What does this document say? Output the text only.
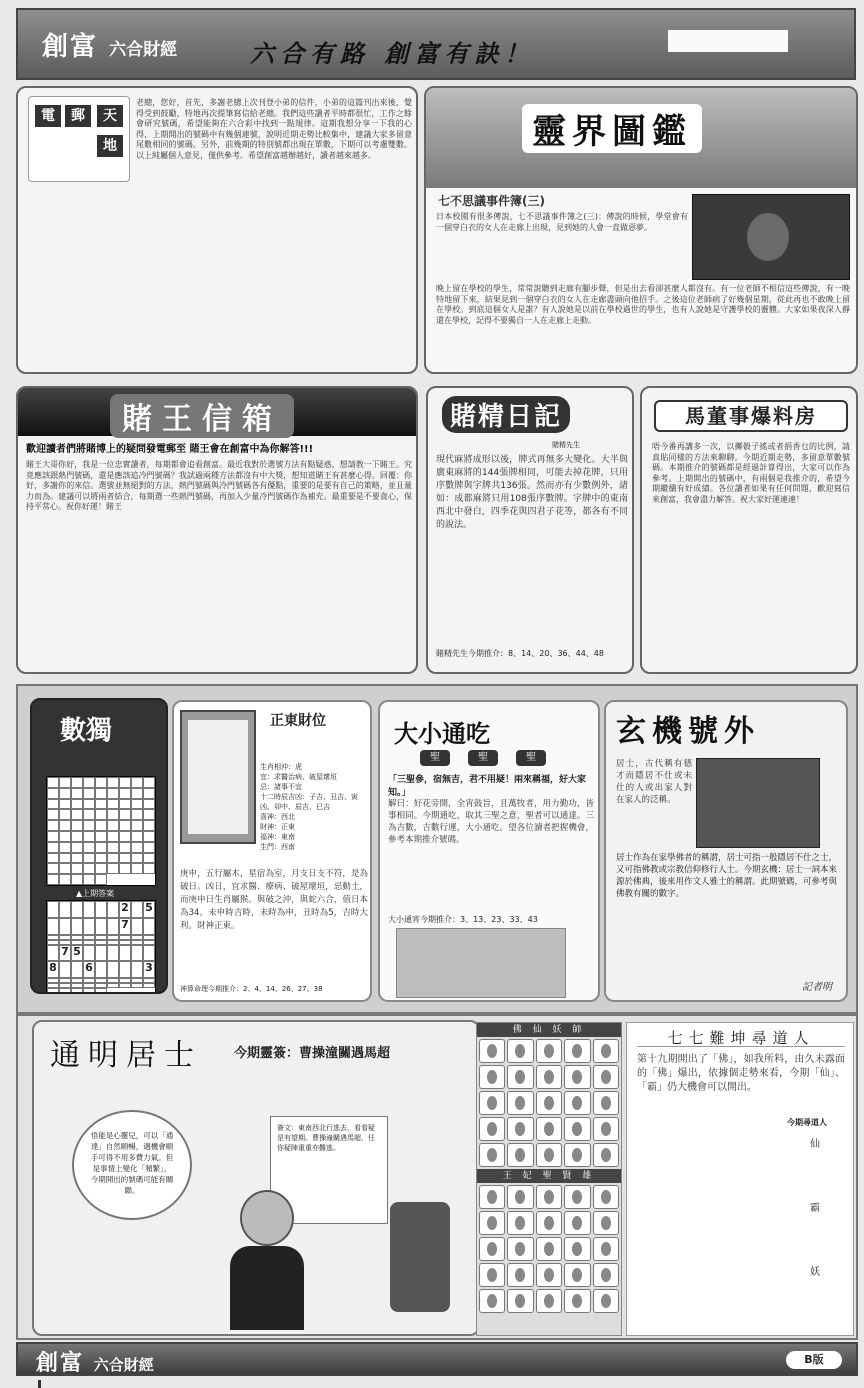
創富 六合財經	六合有路 創富有訣！
電	郵	天
地
老總，您好，首先，多謝老總上次刊登小弟的信件，小弟的這篇刊出來後，覺得受到鼓勵，特地再次提筆寫信給老總。我們這些讀者平時都很忙，工作之餘會研究號碼，希望能夠在六合彩中找到一點規律。這期我想分享一下我的心得，上期開出的號碼中有幾個連號，說明近期走勢比較集中，建議大家多留意尾數相同的號碼。另外，前幾期的特別號都出現在單數，下期可以考慮雙數。以上純屬個人意見，僅供參考。希望創富越辦越好，讀者越來越多。
靈界圖鑑
七不思議事件簿(三)
日本校園有很多傳說，七不思議事件簿之(三)：傳說的時候，學堂會有一個穿白衣的女人在走廊上出現，見到她的人會一直做惡夢。
晚上留在學校的學生，常常說聽到走廊有腳步聲，但是出去看卻甚麼人都沒有。有一位老師不相信這些傳說，有一晚特地留下來，結果見到一個穿白衣的女人在走廊盡頭向他招手。之後這位老師病了好幾個星期，從此再也不敢晚上留在學校。到底這個女人是誰？有人說她是以前在學校過世的學生，也有人說她是守護學校的靈體。大家如果夜深人靜還在學校，記得不要獨自一人在走廊上走動。
賭王信箱
歡迎讀者們將賭博上的疑問發電郵至 賭王會在創富中為你解答!!!
賭王大哥你好，我是一位忠實讀者，每期都會追看創富。最近我對於選號方法有點疑惑，想請教一下賭王。究竟應該跟熱門號碼，還是應該追冷門號碼？我試過兩種方法都沒有中大獎，想知道賭王有甚麼心得。回覆：你好，多謝你的來信。選號並無絕對的方法，熱門號碼與冷門號碼各有優點，重要的是要有自己的策略，並且量力而為。建議可以將兩者結合，每期選一些熱門號碼，再加入少量冷門號碼作為補充。最重要是不要貪心，保持平常心。祝你好運！賭王
賭精日記
賭精先生
現代麻將成形以後，牌式再無多大變化。大半與廣東麻將的144張牌相同，可能去掉花牌，只用序數牌與字牌共136張。然而亦有少數例外，諸如：成都麻將只用108張序數牌。字牌中的東南西北中發白，四季花與四君子花等，都各有不同的說法。
賭精先生今期推介：8、14、20、36、44、48
馬董事爆料房
唔今番再講多一次，以擲骰子搖或者捐香乜的比例，請真貼同樣的方法來聊聊。今期近期走勢，多留意單數號碼。本期推介的號碼都是經過計算得出，大家可以作為參考。上期開出的號碼中，有兩個是我推介的，希望今期繼續有好成績。各位讀者如果有任何問題，歡迎寫信來創富，我會盡力解答。祝大家好運連連！
數獨
▲上期答案
2 5
7
7 5
8	6	3
正東財位
生肖相沖：虎
宜：求醫治病、破屋壞垣
忌：諸事不宜
十二時辰吉凶：子吉、丑吉、寅凶、卯中、辰吉、巳吉
喜神：西北
財神：正東
福神：東南
生門：西南
庚申，五行屬木，星宿為室，月支日支不符，是為破日。凶日，宜求醫、療病、破屋壞垣，忌動土，而庚申日生肖屬猴。與破之沖，與蛇六合，值日本為34。未申時吉時，未時為申，丑時為5，吉時大利。財神正東。
神算命理今期推介：2、4、14、26、27、38
大小通吃
聖	聖	聖
「三聖參，宿無吉，君不用疑！兩來稱福，好大家知。」
解曰：好花旁開，全宵鼓旨，且萬牧者，用力勤功，皆事相同。今期通吃，取其三聖之意，聖者可以通達。三為吉數，吉數行運，大小通吃。望各位讀者把握機會，參考本期推介號碼。
大小通宵今期推介：3、13、23、33、43
玄機號外
居士，古代稱有德才而隱居不仕或未仕的人或出家人對在家人的泛稱。
居士作為在家學佛者的稱謂，居士可指一般隱居不仕之士，又可指佛教或宗教信仰修行人士。今期玄機：居士一詞本來源於佛典，後來用作文人雅士的稱謂。此期號碼，可參考與佛教有關的數字。
記者明
通明居士 今期靈簽：曹操潼關遇馬超
悟能是心靈兒，可以「通達」自然順暢，遇機會順手可得不用多費力氣。但是事情上變化「頻繁」，今期開出的號碼可能有關聯。
簽文：東南西北行逃去，看看疑是有望期。曹操潼關遇馬超，任你疑陣重重亦難逃。
佛 仙 妖 師
王 妃 聖 賢 雄
七七難坤尋道人
第十九期開出了「佛」，如我所料，由久未露面的「佛」爆出，依據個走勢來看，今期「仙」、「霸」仍大機會可以開出。
今期尋道人
仙
霸
妖
創富 六合財經	B版
